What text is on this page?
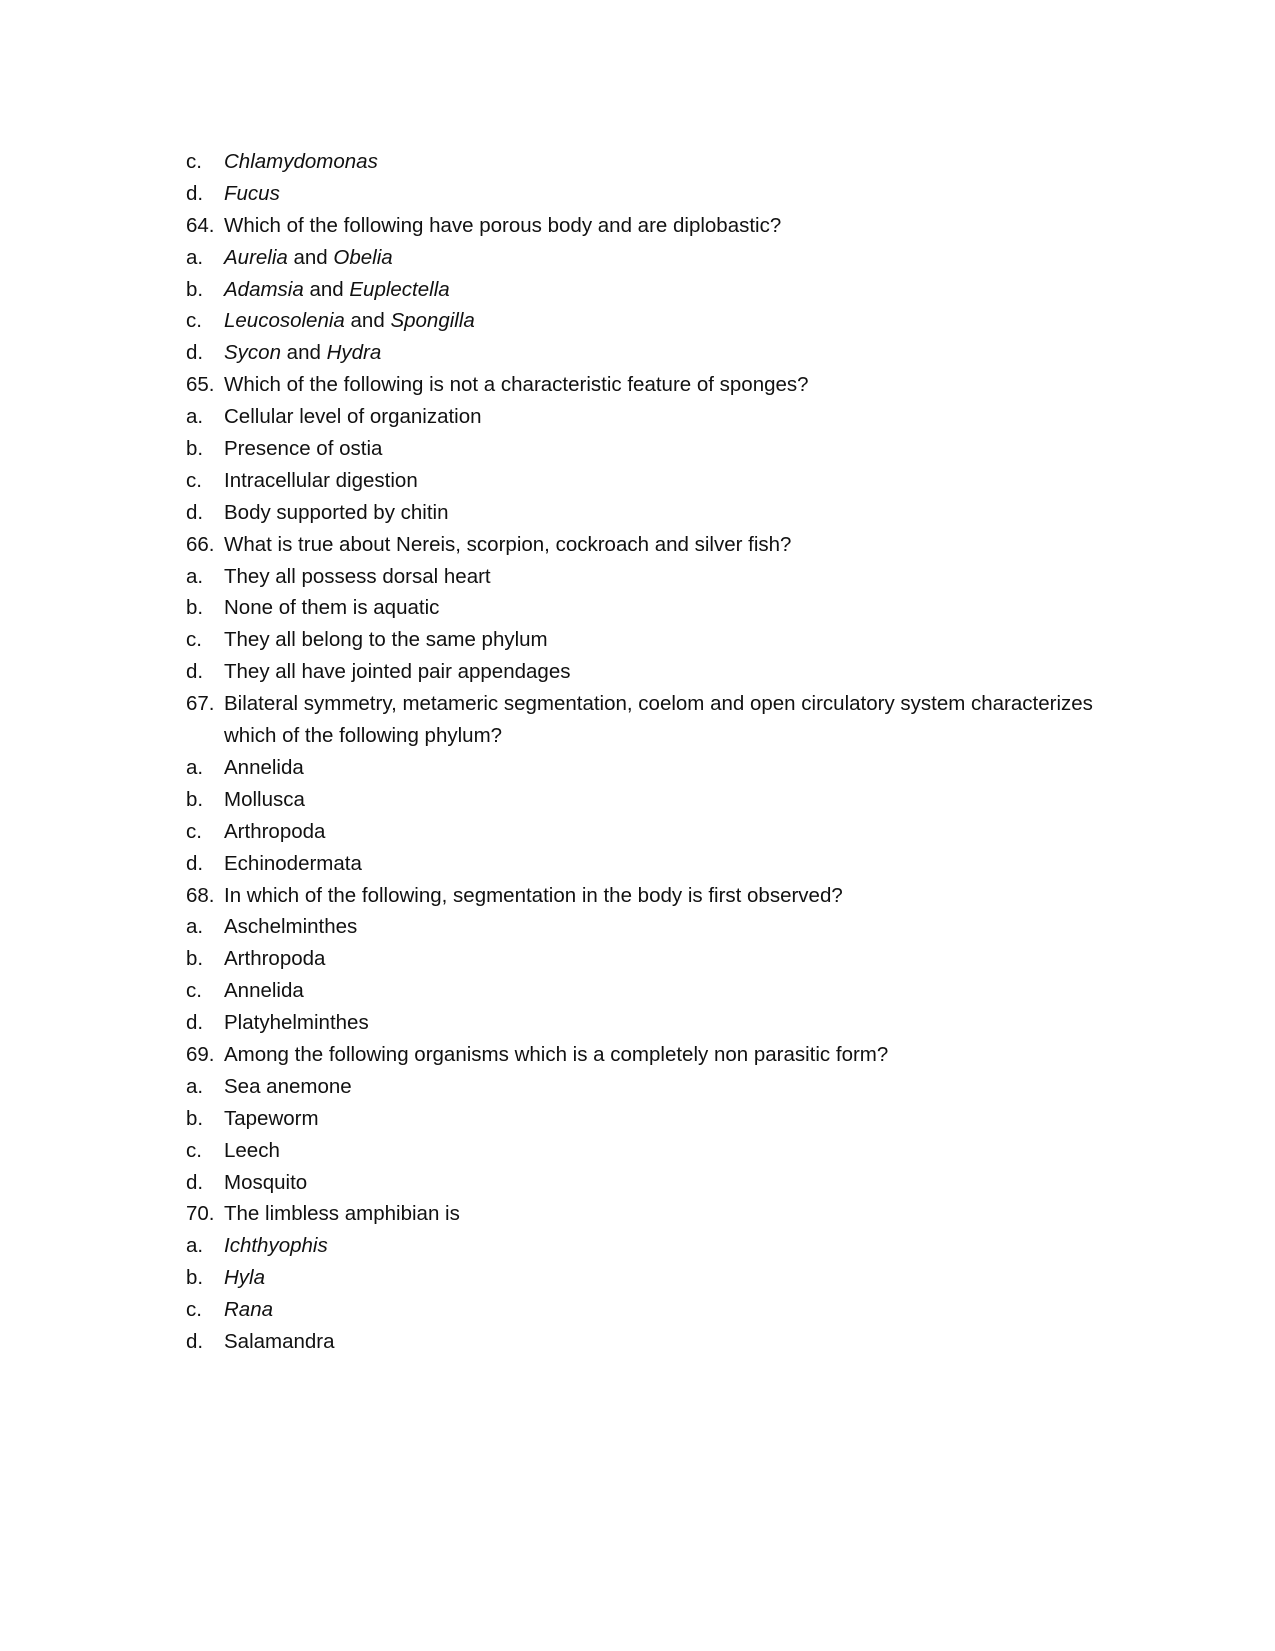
c. Chlamydomonas
d. Fucus
64. Which of the following have porous body and are diplobastic?
a. Aurelia and Obelia
b. Adamsia and Euplectella
c. Leucosolenia and Spongilla
d. Sycon and Hydra
65. Which of the following is not a characteristic feature of sponges?
a. Cellular level of organization
b. Presence of ostia
c. Intracellular digestion
d. Body supported by chitin
66. What is true about Nereis, scorpion, cockroach and silver fish?
a. They all possess dorsal heart
b. None of them is aquatic
c. They all belong to the same phylum
d. They all have jointed pair appendages
67. Bilateral symmetry, metameric segmentation, coelom and open circulatory system characterizes which of the following phylum?
a. Annelida
b. Mollusca
c. Arthropoda
d. Echinodermata
68. In which of the following, segmentation in the body is first observed?
a. Aschelminthes
b. Arthropoda
c. Annelida
d. Platyhelminthes
69. Among the following organisms which is a completely non parasitic form?
a. Sea anemone
b. Tapeworm
c. Leech
d. Mosquito
70. The limbless amphibian is
a. Ichthyophis
b. Hyla
c. Rana
d. Salamandra
